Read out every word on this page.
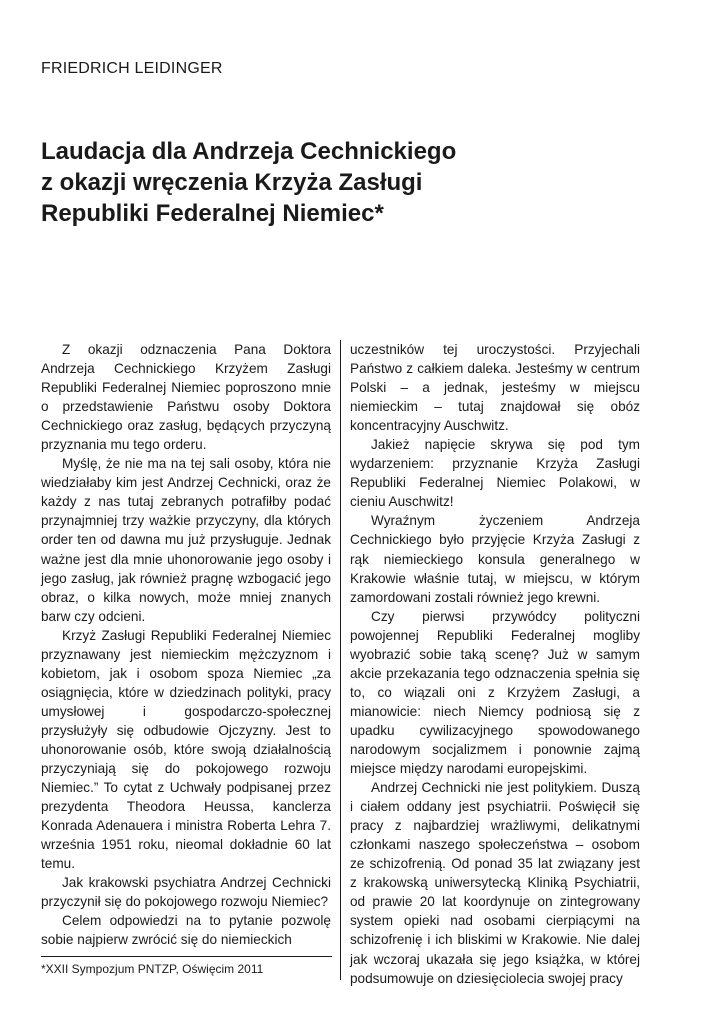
FRIEDRICH LEIDINGER
Laudacja dla Andrzeja Cechnickiego
z okazji wręczenia Krzyża Zasługi
Republiki Federalnej Niemiec*

Z okazji odznaczenia Pana Doktora Andrzeja Cechnickiego Krzyżem Zasługi Republiki Federalnej Niemiec poproszono mnie o przedstawienie Państwu osoby Doktora Cechnickiego oraz zasług, będących przyczyną przyznania mu tego orderu.

Myślę, że nie ma na tej sali osoby, która nie wiedziałaby kim jest Andrzej Cechnicki, oraz że każdy z nas tutaj zebranych potrafiłby podać przynajmniej trzy ważkie przyczyny, dla których order ten od dawna mu już przysługuje. Jednak ważne jest dla mnie uhonorowanie jego osoby i jego zasług, jak również pragnę wzbogacić jego obraz, o kilka nowych, może mniej znanych barw czy odcieni.

Krzyż Zasługi Republiki Federalnej Niemiec przyznawany jest niemieckim mężczyznom i kobietom, jak i osobom spoza Niemiec „za osiągnięcia, które w dziedzinach polityki, pracy umysłowej i gospodarczo-społecznej przysłużyły się odbudowie Ojczyzny. Jest to uhonorowanie osób, które swoją działalnością przyczyniają się do pokojowego rozwoju Niemiec.” To cytat z Uchwały podpisanej przez prezydenta Theodora Heussa, kanclerza Konrada Adenauera i ministra Roberta Lehra 7. września 1951 roku, nieomal dokładnie 60 lat temu.

Jak krakowski psychiatra Andrzej Cechnicki przyczynił się do pokojowego rozwoju Niemiec?

Celem odpowiedzi na to pytanie pozwolę sobie najpierw zwrócić się do niemieckich

uczestników tej uroczystości. Przyjechali Państwo z całkiem daleka. Jesteśmy w centrum Polski – a jednak, jesteśmy w miejscu niemieckim – tutaj znajdował się obóz koncentracyjny Auschwitz.

Jakież napięcie skrywa się pod tym wydarzeniem: przyznanie Krzyża Zasługi Republiki Federalnej Niemiec Polakowi, w cieniu Auschwitz!

Wyraźnym życzeniem Andrzeja Cechnickiego było przyjęcie Krzyża Zasługi z rąk niemieckiego konsula generalnego w Krakowie właśnie tutaj, w miejscu, w którym zamordowani zostali również jego krewni.

Czy pierwsi przywódcy polityczni powojennej Republiki Federalnej mogliby wyobrazić sobie taką scenę? Już w samym akcie przekazania tego odznaczenia spełnia się to, co wiązali oni z Krzyżem Zasługi, a mianowicie: niech Niemcy podniosą się z upadku cywilizacyjnego spowodowanego narodowym socjalizmem i ponownie zajmą miejsce między narodami europejskimi.

Andrzej Cechnicki nie jest politykiem. Duszą i ciałem oddany jest psychiatrii. Poświęcił się pracy z najbardziej wrażliwymi, delikatnymi członkami naszego społeczeństwa – osobom ze schizofrenią. Od ponad 35 lat związany jest z krakowską uniwersytecką Kliniką Psychiatrii, od prawie 20 lat koordynuje on zintegrowany system opieki nad osobami cierpiącymi na schizofrenię i ich bliskimi w Krakowie. Nie dalej jak wczoraj ukazała się jego książka, w której podsumowuje on dziesięciolecia swojej pracy

*XXII Sympozjum PNTZP, Oświęcim 2011
